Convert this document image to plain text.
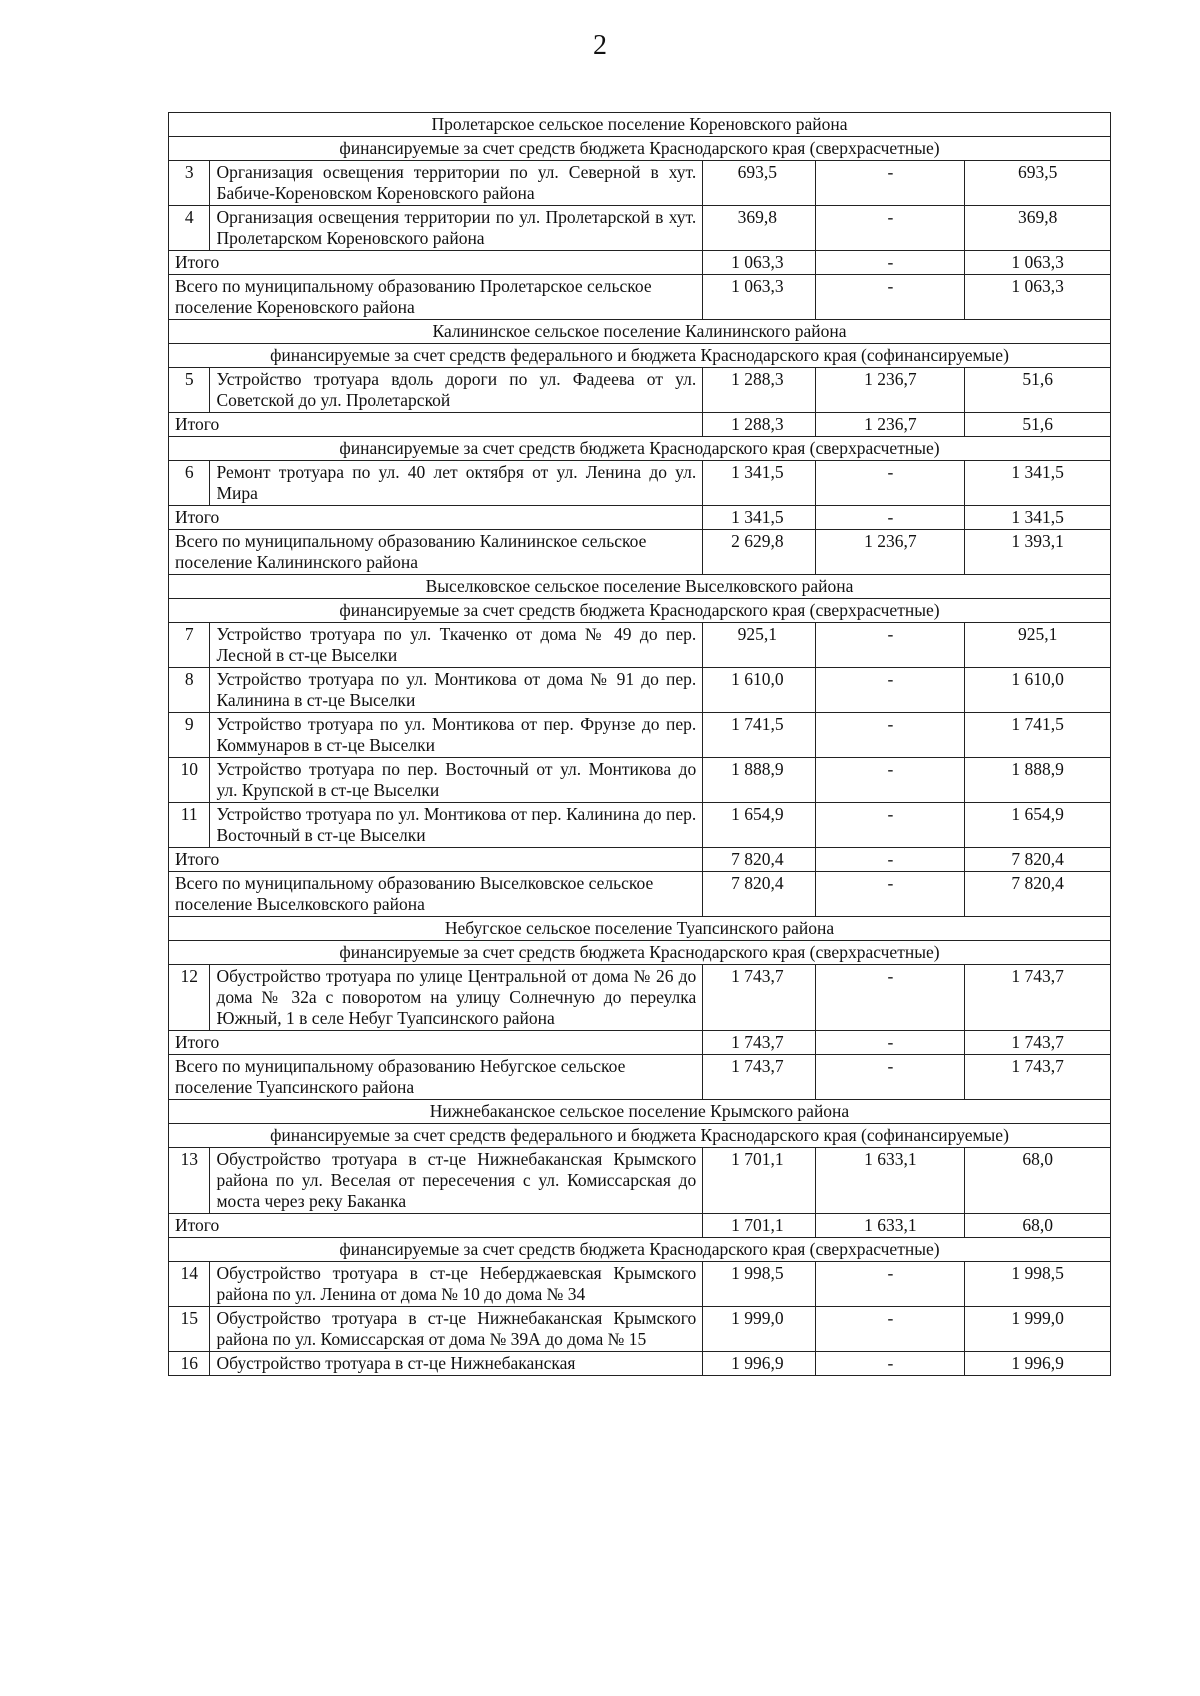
2
Пролетарское сельское поселение Кореновского района				
финансируемые за счет средств бюджета Краснодарского края (сверхрасчетные)				
3	Организация освещения территории по ул. Северной в хут. Бабиче-Кореновском Кореновского района	693,5	-	693,5
4	Организация освещения территории по ул. Пролетарской в хут. Пролетарском Кореновского района	369,8	-	369,8
Итого		1 063,3	-	1 063,3
Всего по муниципальному образованию Пролетарское сельское поселение Кореновского района		1 063,3	-	1 063,3
Калининское сельское поселение Калининского района				
финансируемые за счет средств федерального и бюджета Краснодарского края (софинансируемые)				
5	Устройство тротуара вдоль дороги по ул. Фадеева от ул. Советской до ул. Пролетарской	1 288,3	1 236,7	51,6
Итого		1 288,3	1 236,7	51,6
финансируемые за счет средств бюджета Краснодарского края (сверхрасчетные)				
6	Ремонт тротуара по ул. 40 лет октября от ул. Ленина до ул. Мира	1 341,5	-	1 341,5
Итого		1 341,5	-	1 341,5
Всего по муниципальному образованию Калининское сельское поселение Калининского района		2 629,8	1 236,7	1 393,1
Выселковское сельское поселение Выселковского района				
финансируемые за счет средств бюджета Краснодарского края (сверхрасчетные)				
7	Устройство тротуара по ул. Ткаченко от дома № 49 до пер. Лесной в ст-це Выселки	925,1	-	925,1
8	Устройство тротуара по ул. Монтикова от дома № 91 до пер. Калинина в ст-це Выселки	1 610,0	-	1 610,0
9	Устройство тротуара по ул. Монтикова от пер. Фрунзе до пер. Коммунаров в ст-це Выселки	1 741,5	-	1 741,5
10	Устройство тротуара по пер. Восточный от ул. Монтикова до ул. Крупской в ст-це Выселки	1 888,9	-	1 888,9
11	Устройство тротуара по ул. Монтикова от пер. Калинина до пер. Восточный в ст-це Выселки	1 654,9	-	1 654,9
Итого		7 820,4	-	7 820,4
Всего по муниципальному образованию Выселковское сельское поселение Выселковского района		7 820,4	-	7 820,4
Небугское сельское поселение Туапсинского района				
финансируемые за счет средств бюджета Краснодарского края (сверхрасчетные)				
12	Обустройство тротуара по улице Центральной от дома № 26 до дома № 32а с поворотом на улицу Солнечную до переулка Южный, 1 в селе Небуг Туапсинского района	1 743,7	-	1 743,7
Итого		1 743,7	-	1 743,7
Всего по муниципальному образованию Небугское сельское поселение Туапсинского района		1 743,7	-	1 743,7
Нижнебаканское сельское поселение Крымского района				
финансируемые за счет средств федерального и бюджета Краснодарского края (софинансируемые)				
13	Обустройство тротуара в ст-це Нижнебаканская Крымского района по ул. Веселая от пересечения с ул. Комиссарская до моста через реку Баканка	1 701,1	1 633,1	68,0
Итого		1 701,1	1 633,1	68,0
финансируемые за счет средств бюджета Краснодарского края (сверхрасчетные)				
14	Обустройство тротуара в ст-це Неберджаевская Крымского района по ул. Ленина от дома № 10 до дома № 34	1 998,5	-	1 998,5
15	Обустройство тротуара в ст-це Нижнебаканская Крымского района по ул. Комиссарская от дома № 39А до дома № 15	1 999,0	-	1 999,0
16	Обустройство тротуара в ст-це Нижнебаканская	1 996,9	-	1 996,9
